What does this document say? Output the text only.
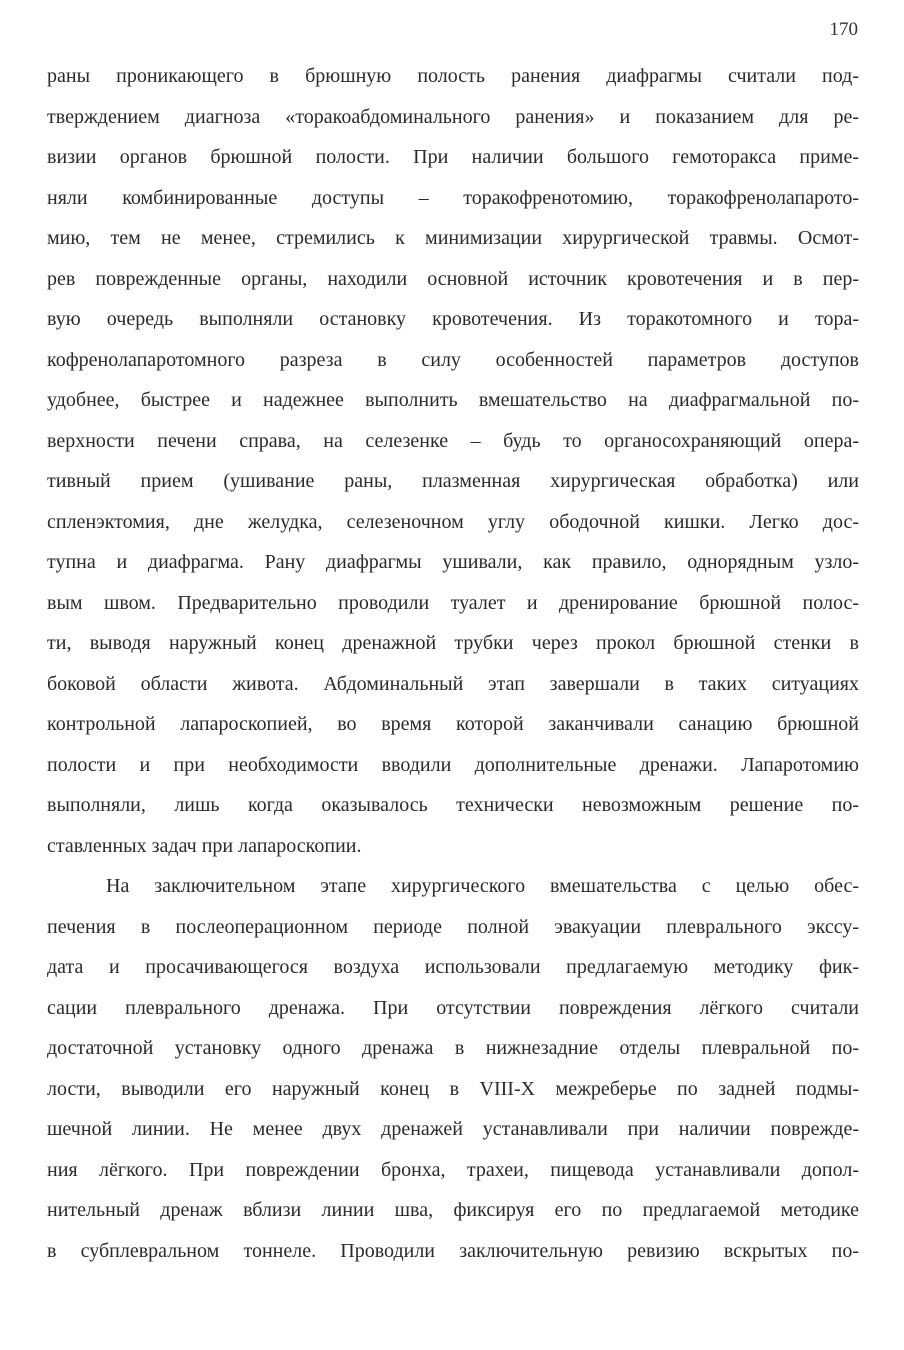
170
раны проникающего в брюшную полость ранения диафрагмы считали под-
тверждением диагноза «торакоабдоминального ранения» и показанием для ре-
визии органов брюшной полости. При наличии большого гемоторакса приме-
няли комбинированные доступы – торакофренотомию, торакофренолапарото-
мию, тем не менее, стремились к минимизации хирургической травмы. Осмот-
рев поврежденные органы, находили основной источник кровотечения и в пер-
вую очередь выполняли остановку кровотечения. Из торакотомного и тора-
кофренолапаротомного разреза в силу особенностей параметров доступов
удобнее, быстрее и надежнее выполнить вмешательство на диафрагмальной по-
верхности печени справа, на селезенке – будь то органосохраняющий опера-
тивный прием (ушивание раны, плазменная хирургическая обработка) или
спленэктомия, дне желудка, селезеночном углу ободочной кишки. Легко дос-
тупна и диафрагма. Рану диафрагмы ушивали, как правило, однорядным узло-
вым швом. Предварительно проводили туалет и дренирование брюшной полос-
ти, выводя наружный конец дренажной трубки через прокол брюшной стенки в
боковой области живота. Абдоминальный этап завершали в таких ситуациях
контрольной лапароскопией, во время которой заканчивали санацию брюшной
полости и при необходимости вводили дополнительные дренажи. Лапаротомию
выполняли, лишь когда оказывалось технически невозможным решение по-
ставленных задач при лапароскопии.
На заключительном этапе хирургического вмешательства с целью обес-
печения в послеоперационном периоде полной эвакуации плеврального экссу-
дата и просачивающегося воздуха использовали предлагаемую методику фик-
сации плеврального дренажа. При отсутствии повреждения лёгкого считали
достаточной установку одного дренажа в нижнезадние отделы плевральной по-
лости, выводили его наружный конец в VIII-X межреберье по задней подмы-
шечной линии. Не менее двух дренажей устанавливали при наличии поврежде-
ния лёгкого. При повреждении бронха, трахеи, пищевода устанавливали допол-
нительный дренаж вблизи линии шва, фиксируя его по предлагаемой методике
в субплевральном тоннеле. Проводили заключительную ревизию вскрытых по-
